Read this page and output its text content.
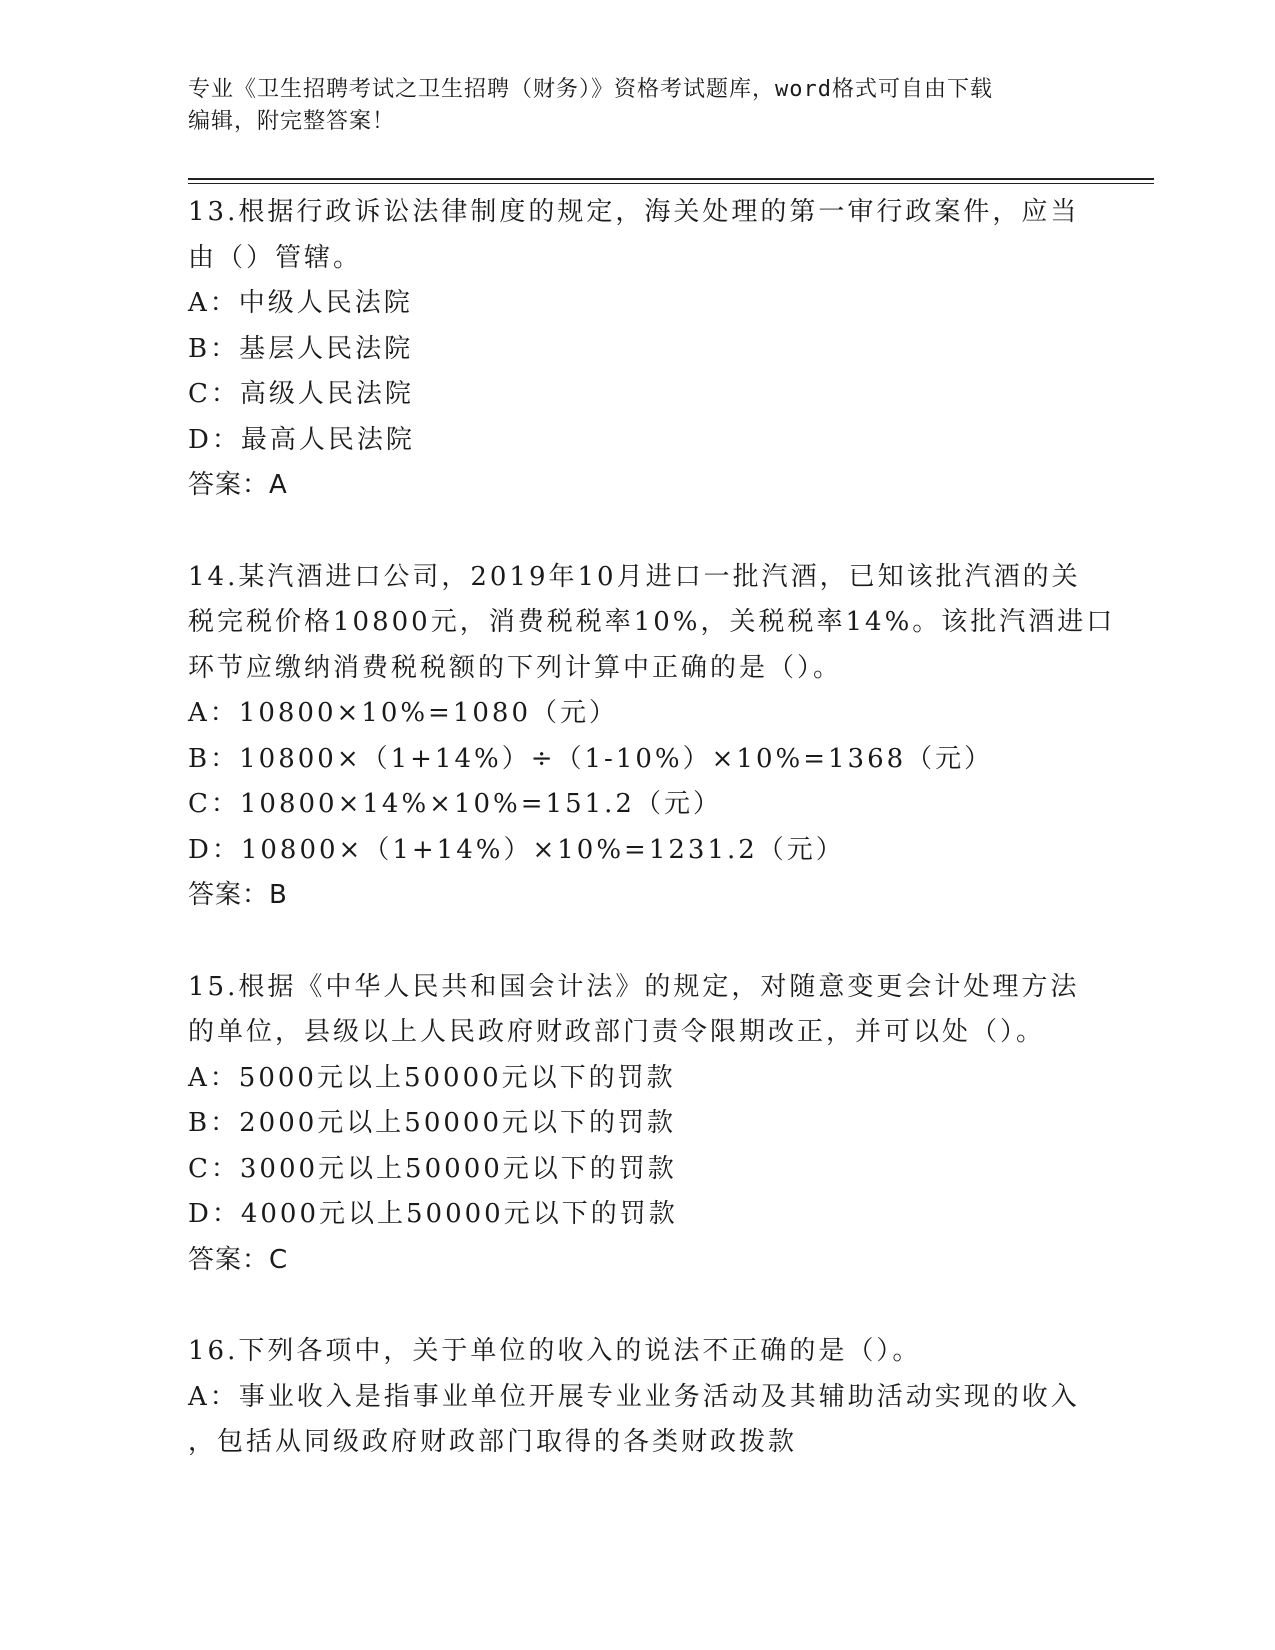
专业《卫生招聘考试之卫生招聘（财务）》资格考试题库，word格式可自由下载
编辑，附完整答案！
13.根据行政诉讼法律制度的规定，海关处理的第一审行政案件，应当
由（）管辖。
A：中级人民法院
B：基层人民法院
C：高级人民法院
D：最高人民法院
答案：A
14.某汽酒进口公司，2019年10月进口一批汽酒，已知该批汽酒的关
税完税价格10800元，消费税税率10%，关税税率14%。该批汽酒进口
环节应缴纳消费税税额的下列计算中正确的是（）。
A：10800×10%=1080（元）
B：10800×（1+14%）÷（1-10%）×10%=1368（元）
C：10800×14%×10%=151.2（元）
D：10800×（1+14%）×10%=1231.2（元）
答案：B
15.根据《中华人民共和国会计法》的规定，对随意变更会计处理方法
的单位，县级以上人民政府财政部门责令限期改正，并可以处（）。
A：5000元以上50000元以下的罚款
B：2000元以上50000元以下的罚款
C：3000元以上50000元以下的罚款
D：4000元以上50000元以下的罚款
答案：C
16.下列各项中，关于单位的收入的说法不正确的是（）。
A：事业收入是指事业单位开展专业业务活动及其辅助活动实现的收入
，包括从同级政府财政部门取得的各类财政拨款
